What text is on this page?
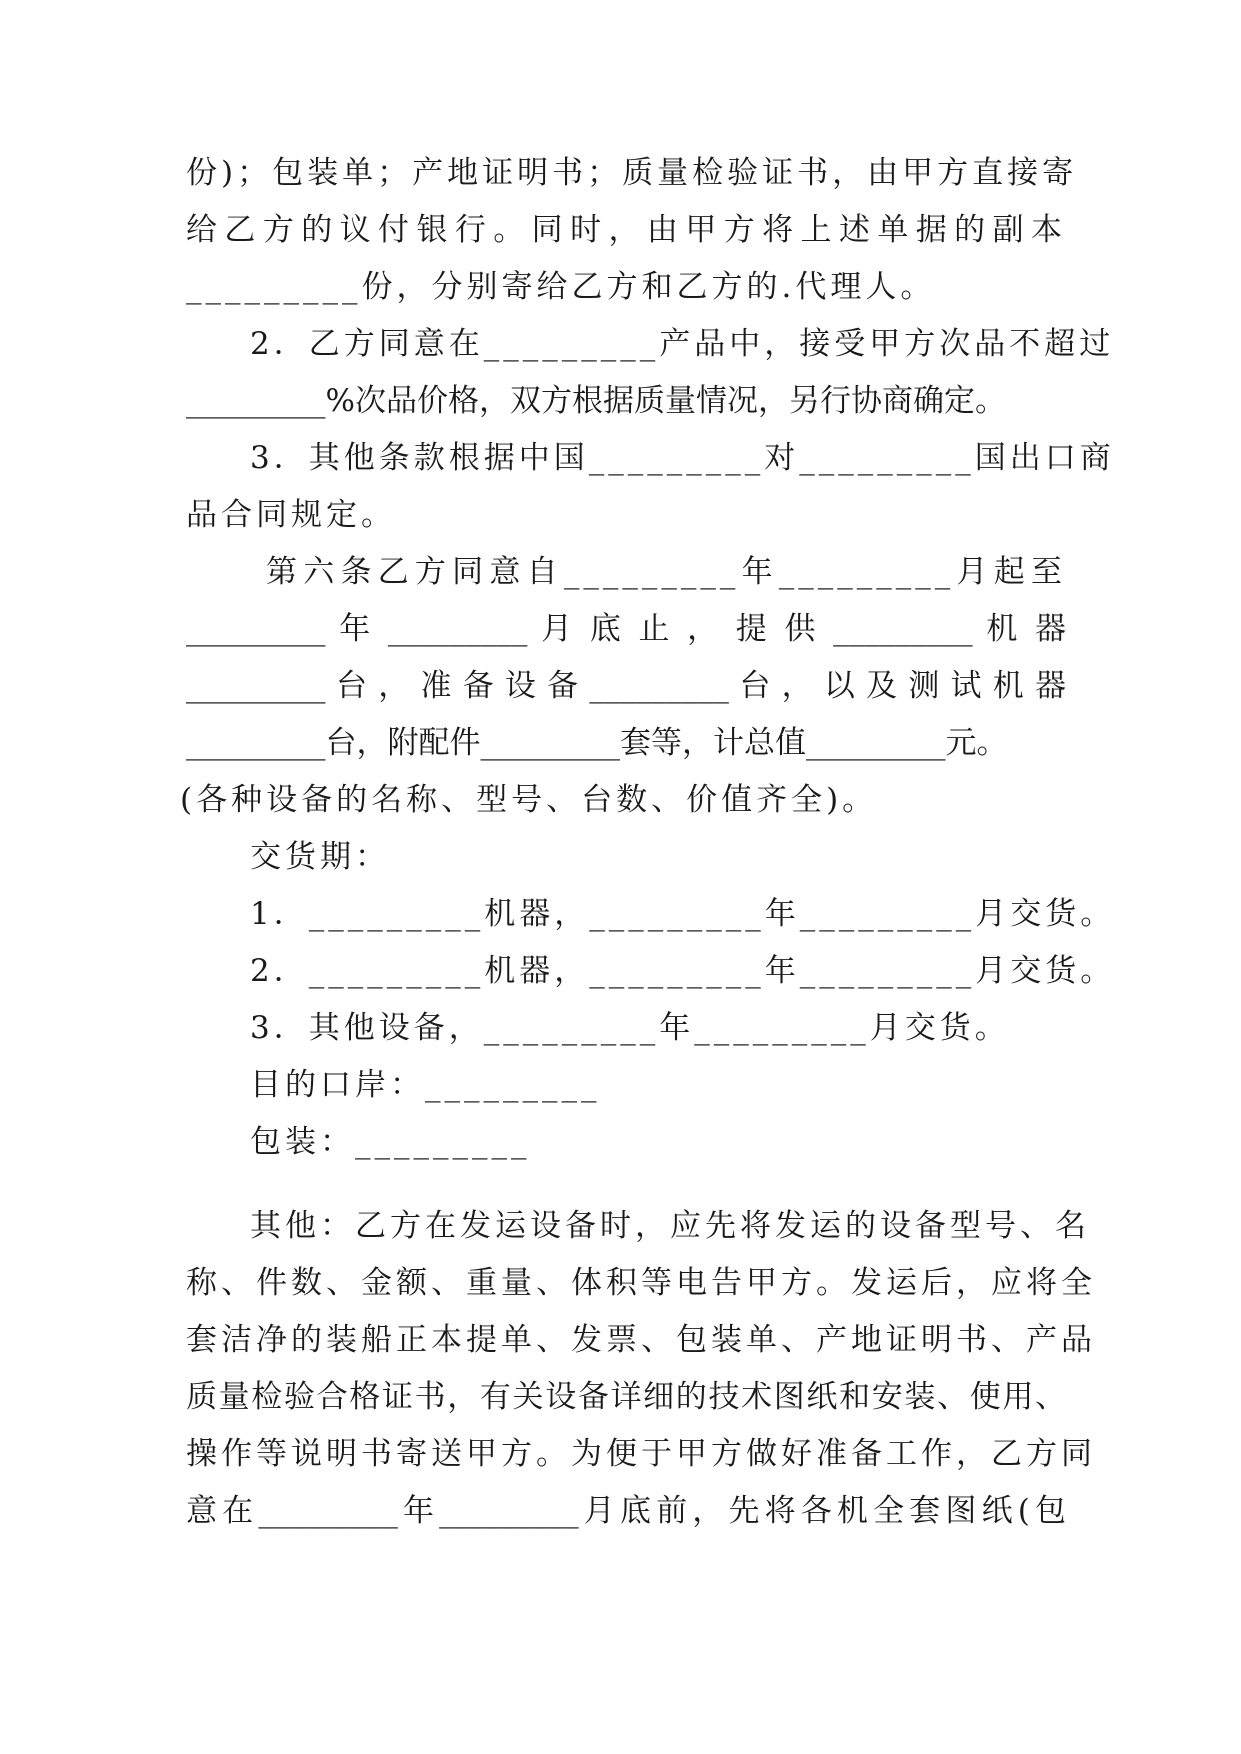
份)；包装单；产地证明书；质量检验证书，由甲方直接寄
给乙方的议付银行。同时，由甲方将上述单据的副本
_________份，分别寄给乙方和乙方的.代理人。
2．乙方同意在_________产品中，接受甲方次品不超过
_________%次品价格，双方根据质量情况，另行协商确定。
3．其他条款根据中国_________对_________国出口商
品合同规定。
第六条乙方同意自_________年_________月起至
_________ 年 _________ 月 底 止 ， 提 供 _________ 机 器
_________ 台 ， 准 备 设 备 _________ 台 ， 以 及 测 试 机 器
_________台，附配件_________套等，计总值_________元。
(各种设备的名称、型号、台数、价值齐全)。
交货期：
1．_________机器，_________年_________月交货。
2．_________机器，_________年_________月交货。
3．其他设备，_________年_________月交货。
目的口岸：_________
包装：_________
其他：乙方在发运设备时，应先将发运的设备型号、名
称、件数、金额、重量、体积等电告甲方。发运后，应将全
套洁净的装船正本提单、发票、包装单、产地证明书、产品
质量检验合格证书，有关设备详细的技术图纸和安装、使用、
操作等说明书寄送甲方。为便于甲方做好准备工作，乙方同
意在_________年_________月底前，先将各机全套图纸(包
